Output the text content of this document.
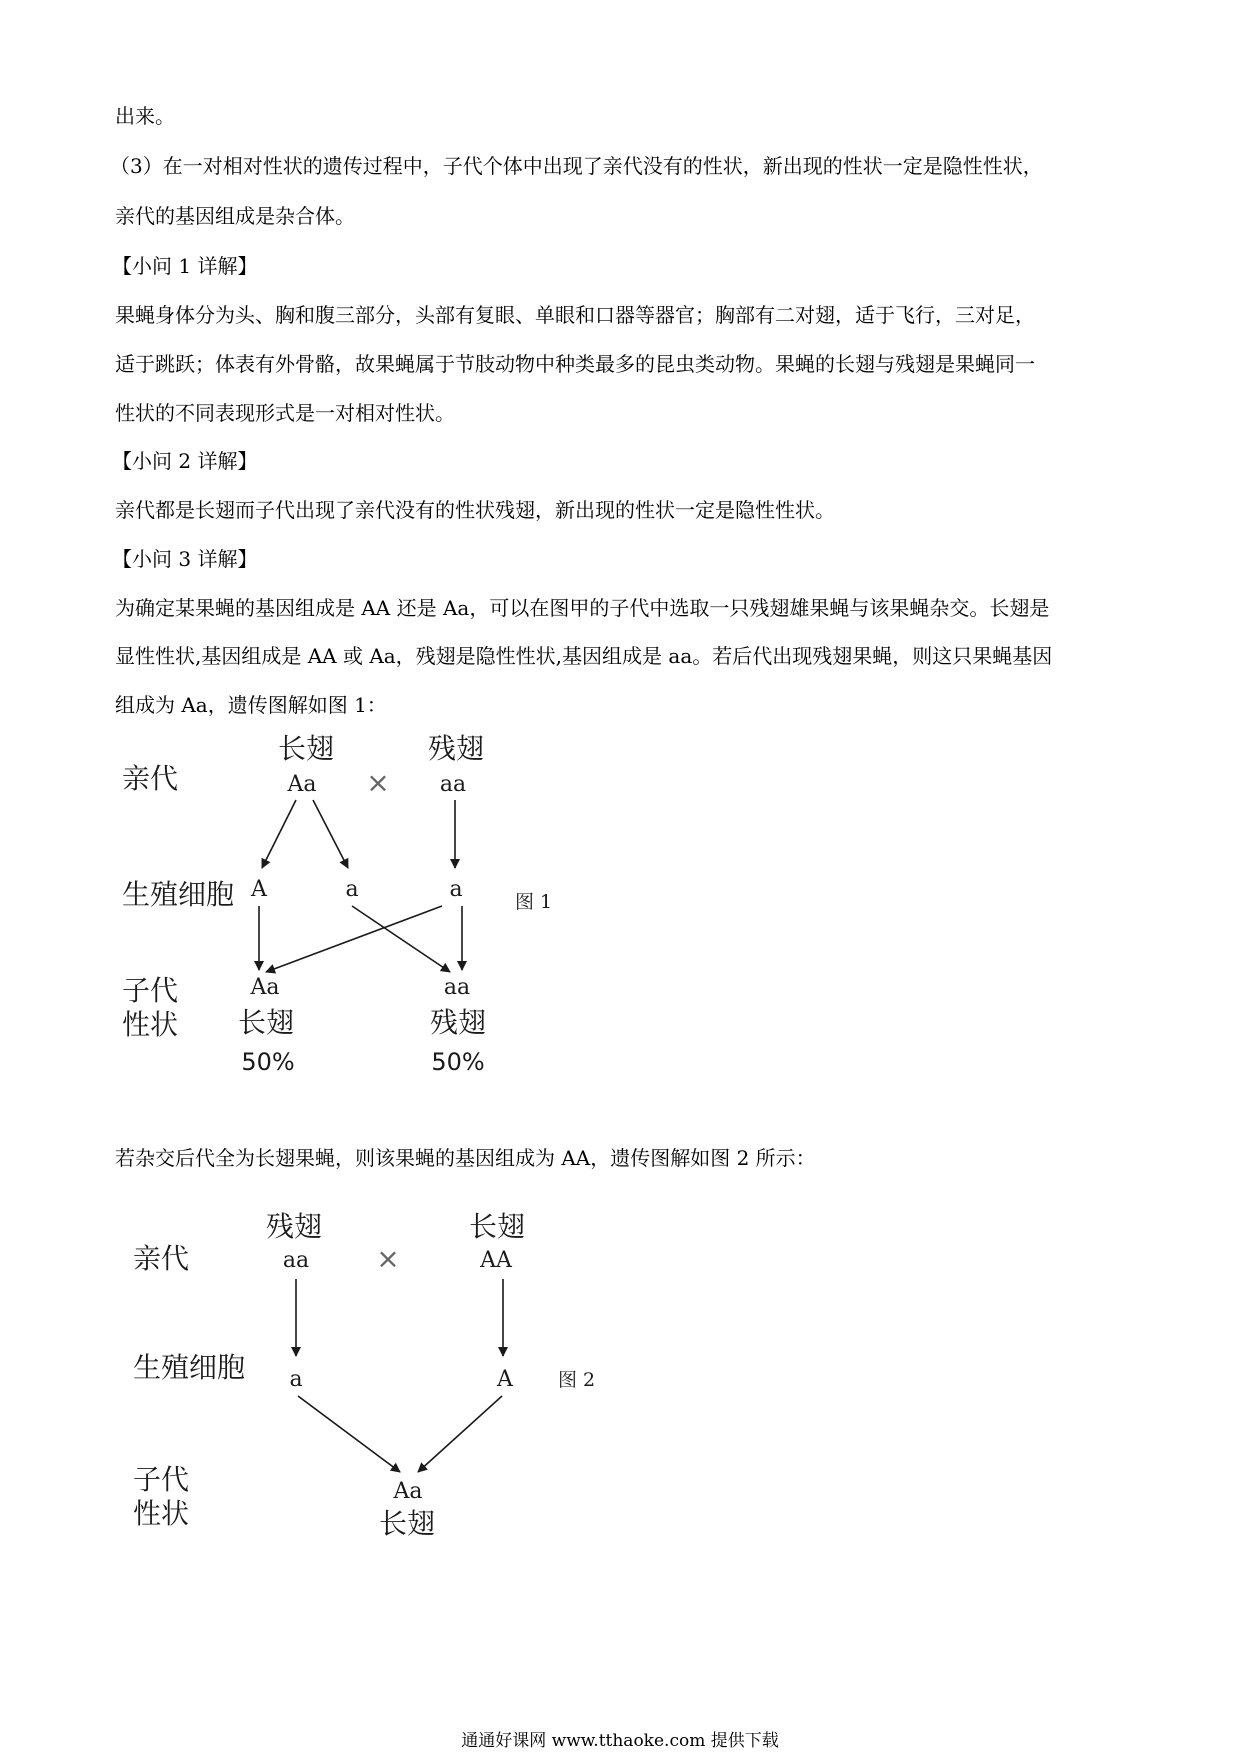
出来。
（3）在一对相对性状的遗传过程中，子代个体中出现了亲代没有的性状，新出现的性状一定是隐性性状，
亲代的基因组成是杂合体。
【小问 1 详解】
果蝇身体分为头、胸和腹三部分，头部有复眼、单眼和口器等器官；胸部有二对翅，适于飞行，三对足，
适于跳跃；体表有外骨骼，故果蝇属于节肢动物中种类最多的昆虫类动物。果蝇的长翅与残翅是果蝇同一
性状的不同表现形式是一对相对性状。
【小问 2 详解】
亲代都是长翅而子代出现了亲代没有的性状残翅，新出现的性状一定是隐性性状。
【小问 3 详解】
为确定某果蝇的基因组成是 AA 还是 Aa，可以在图甲的子代中选取一只残翅雄果蝇与该果蝇杂交。长翅是
显性性状,基因组成是 AA 或 Aa，残翅是隐性性状,基因组成是 aa。若后代出现残翅果蝇，则这只果蝇基因
组成为 Aa，遗传图解如图 1：
亲代
生殖细胞
子代
性状
长翅
Aa ×
残翅
aa
A	a	a
Aa
长翅
50%
aa
残翅
50%
图 1
若杂交后代全为长翅果蝇，则该果蝇的基因组成为 AA，遗传图解如图 2 所示：
亲代
生殖细胞
子代
性状
残翅
aa ×
长翅
AA
a	A
Aa
长翅
图 2
通通好课网 www.tthaoke.com 提供下载
